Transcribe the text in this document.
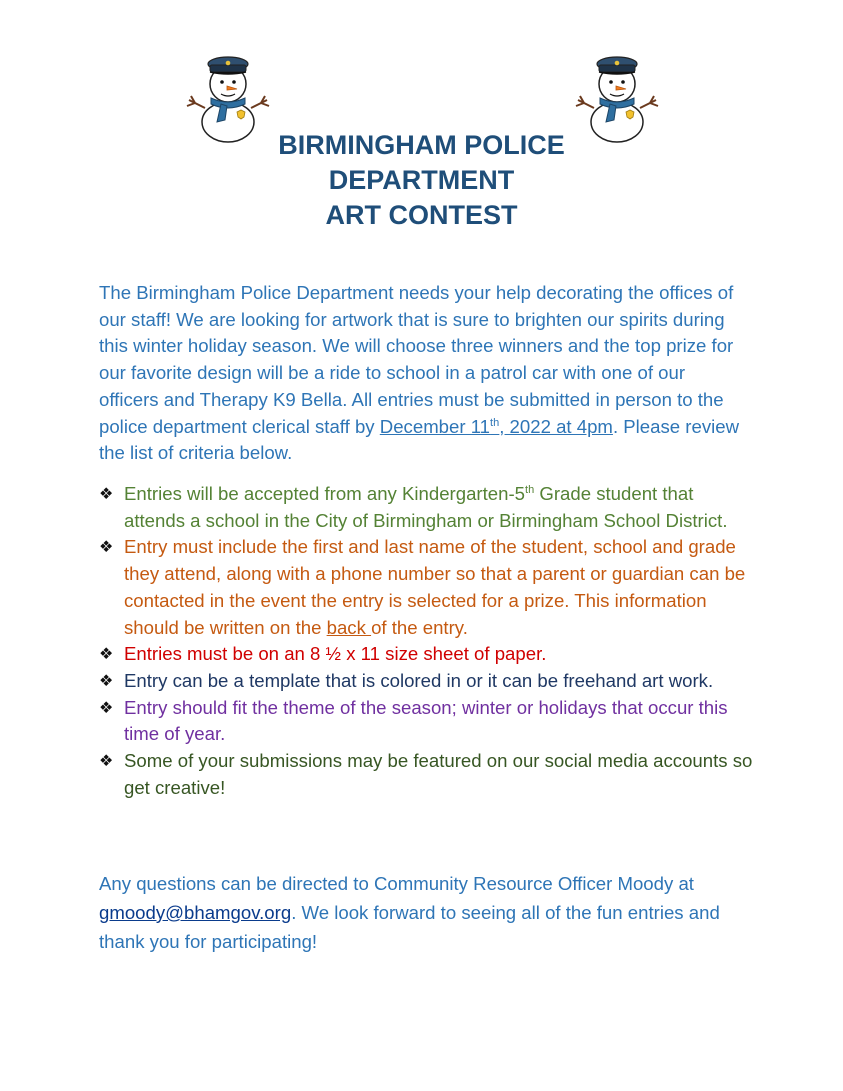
BIRMINGHAM POLICE
DEPARTMENT
ART CONTEST

The Birmingham Police Department needs your help decorating the offices of our staff! We are looking for artwork that is sure to brighten our spirits during this winter holiday season. We will choose three winners and the top prize for our favorite design will be a ride to school in a patrol car with one of our officers and Therapy K9 Bella. All entries must be submitted in person to the police department clerical staff by December 11th, 2022 at 4pm. Please review the list of criteria below.

❖ Entries will be accepted from any Kindergarten-5th Grade student that attends a school in the City of Birmingham or Birmingham School District.
❖ Entry must include the first and last name of the student, school and grade they attend, along with a phone number so that a parent or guardian can be contacted in the event the entry is selected for a prize. This information should be written on the back of the entry.
❖ Entries must be on an 8 ½ x 11 size sheet of paper.
❖ Entry can be a template that is colored in or it can be freehand art work.
❖ Entry should fit the theme of the season; winter or holidays that occur this time of year.
❖ Some of your submissions may be featured on our social media accounts so get creative!

Any questions can be directed to Community Resource Officer Moody at gmoody@bhamgov.org. We look forward to seeing all of the fun entries and thank you for participating!
